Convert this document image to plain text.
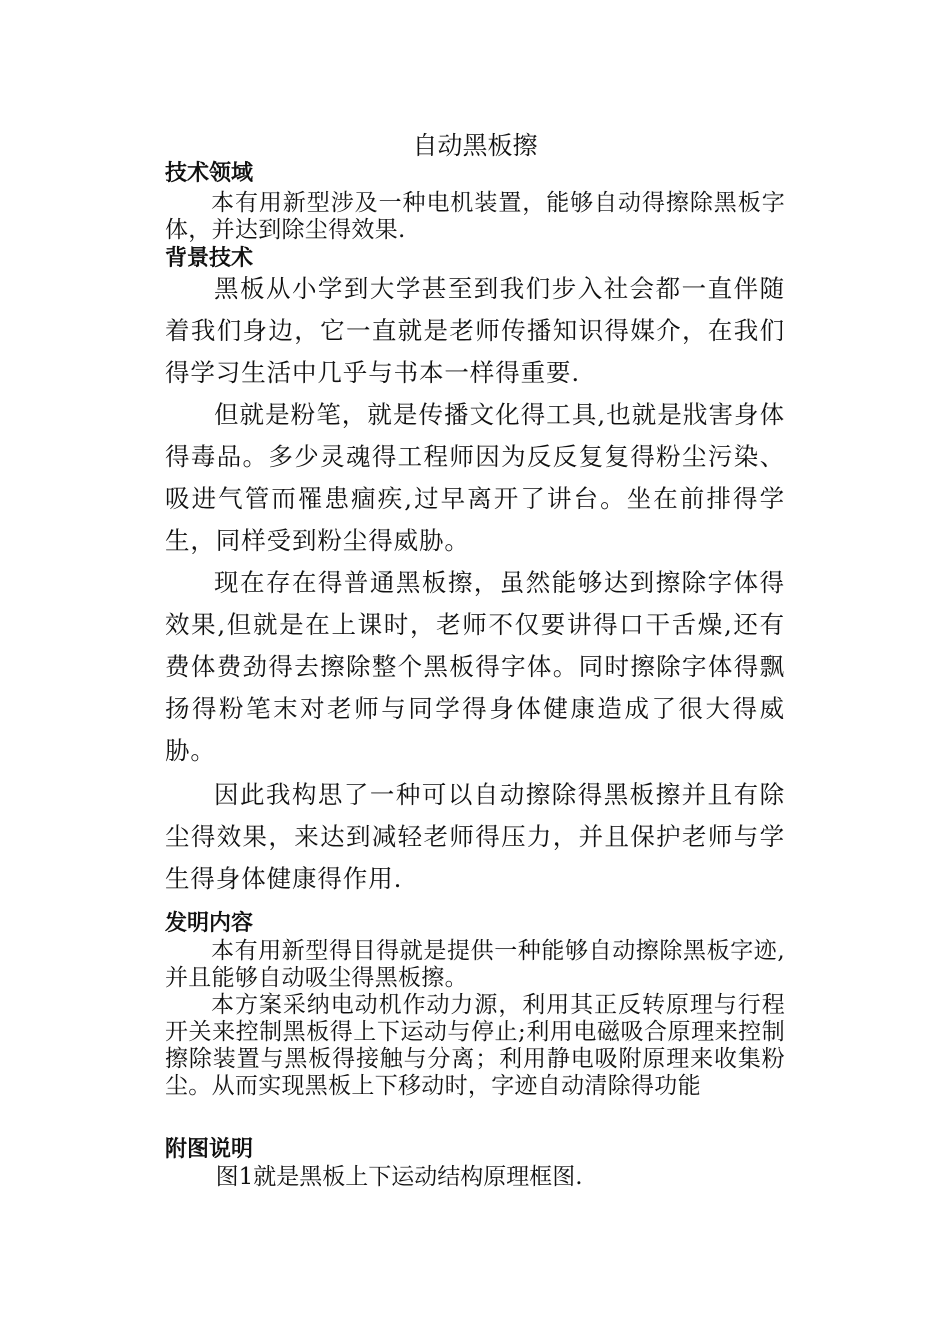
自动黑板擦
技术领域

本有用新型涉及一种电机装置，能够自动得擦除黑板字体，并达到除尘得效果.

背景技术

黑板从小学到大学甚至到我们步入社会都一直伴随着我们身边，它一直就是老师传播知识得媒介，在我们得学习生活中几乎与书本一样得重要.

但就是粉笔，就是传播文化得工具,也就是戕害身体得毒品。多少灵魂得工程师因为反反复复得粉尘污染、吸进气管而罹患痼疾,过早离开了讲台。坐在前排得学生，同样受到粉尘得威胁。

现在存在得普通黑板擦，虽然能够达到擦除字体得效果,但就是在上课时，老师不仅要讲得口干舌燥,还有费体费劲得去擦除整个黑板得字体。同时擦除字体得飘扬得粉笔末对老师与同学得身体健康造成了很大得威胁。

因此我构思了一种可以自动擦除得黑板擦并且有除尘得效果，来达到减轻老师得压力，并且保护老师与学生得身体健康得作用.

发明内容

本有用新型得目得就是提供一种能够自动擦除黑板字迹,并且能够自动吸尘得黑板擦。

本方案采纳电动机作动力源，利用其正反转原理与行程开关来控制黑板得上下运动与停止;利用电磁吸合原理来控制擦除装置与黑板得接触与分离；利用静电吸附原理来收集粉尘。从而实现黑板上下移动时，字迹自动清除得功能

附图说明

图1就是黑板上下运动结构原理框图.
